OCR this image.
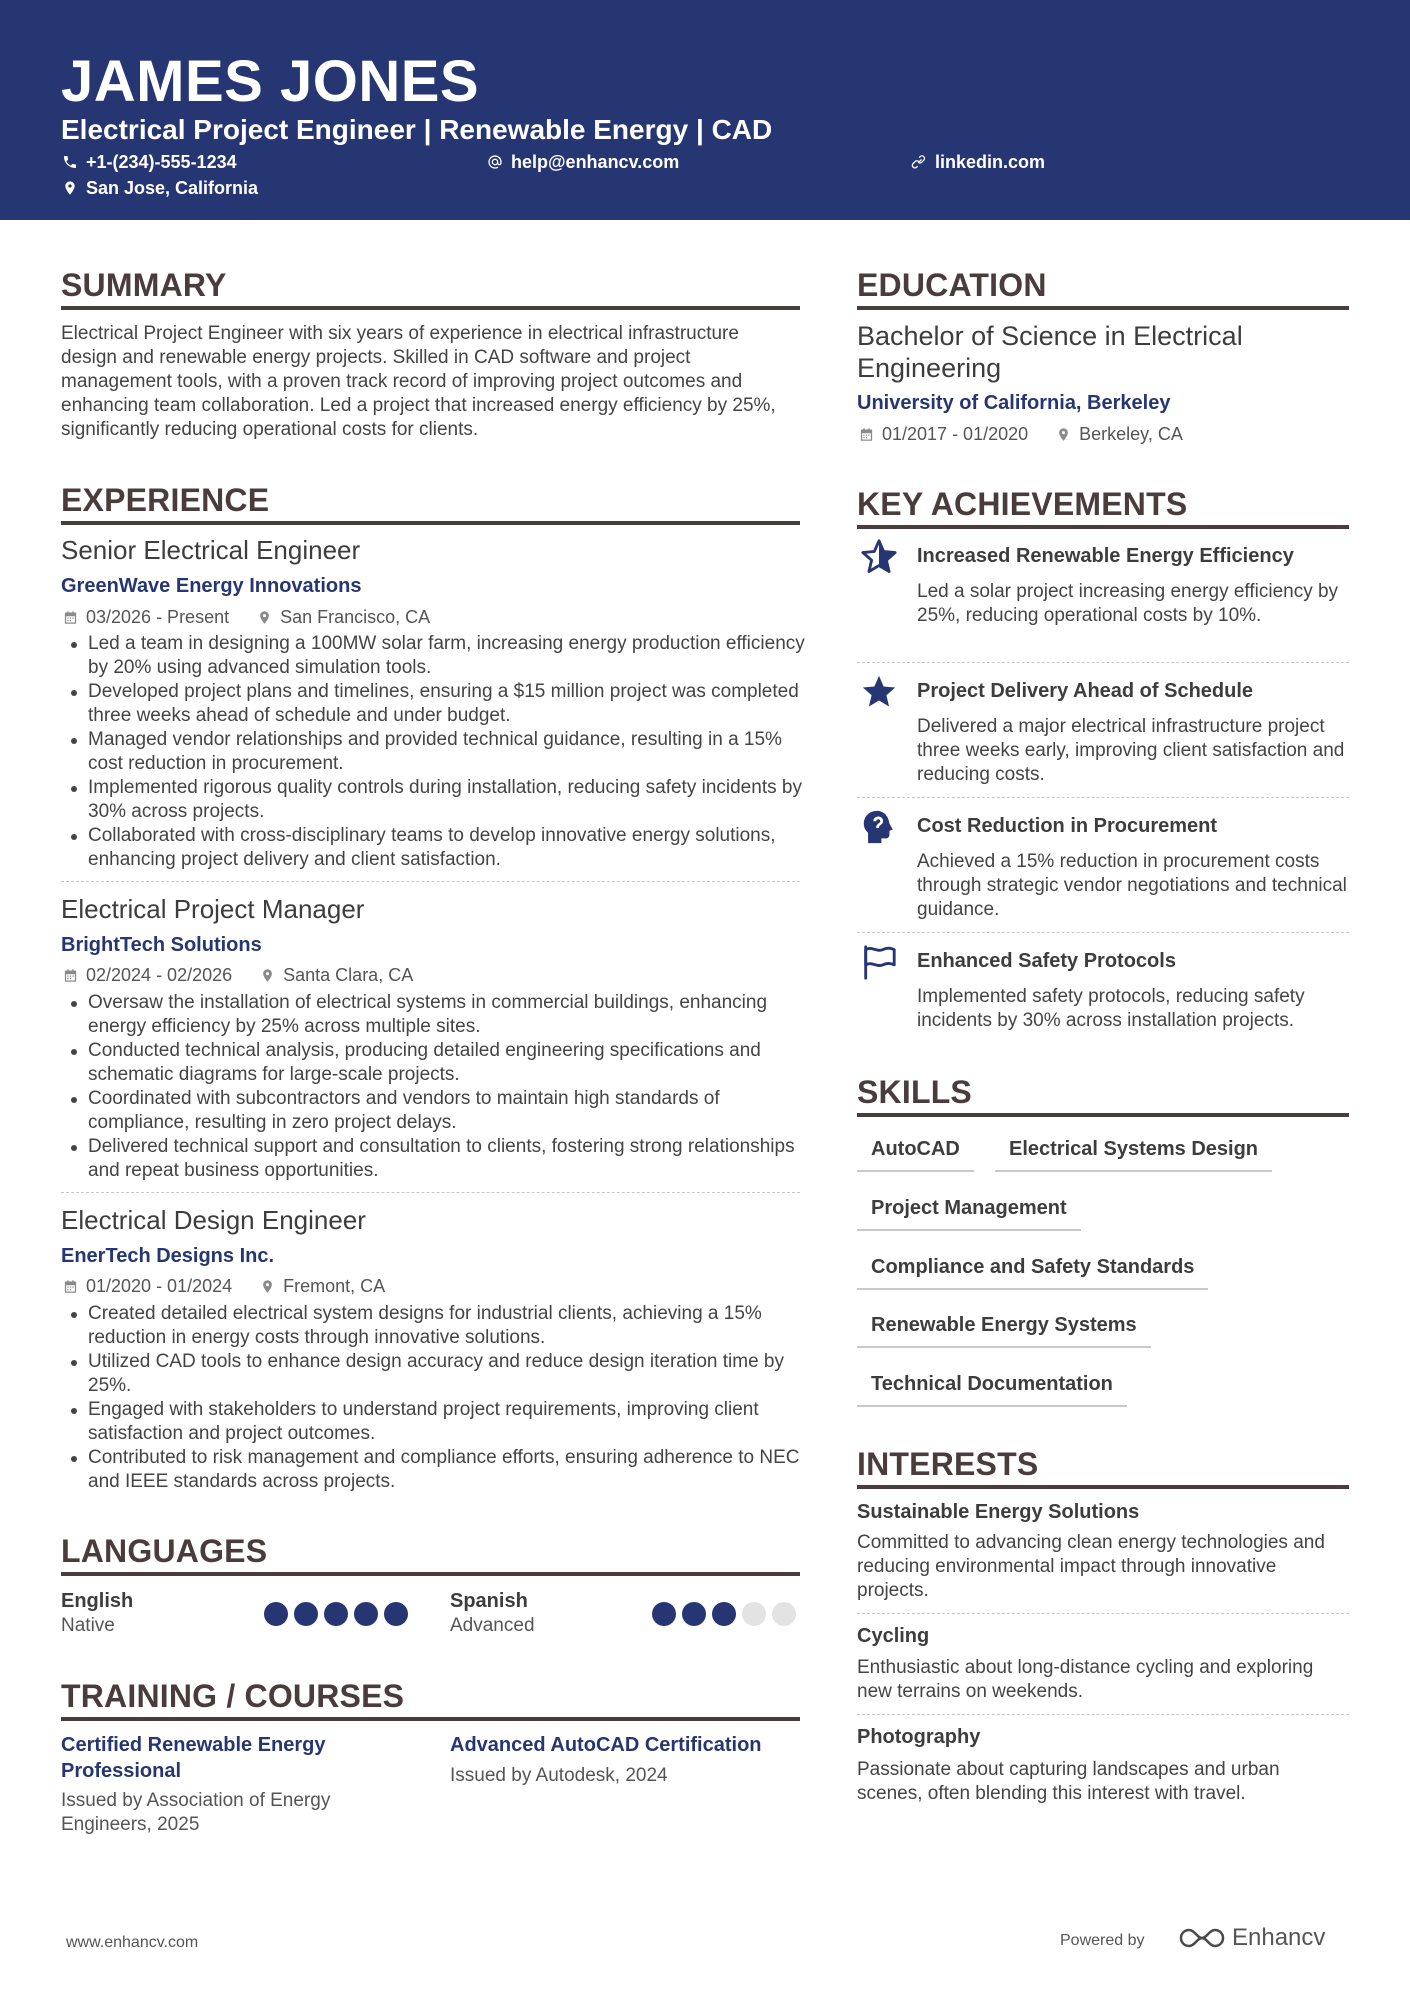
JAMES JONES
Electrical Project Engineer | Renewable Energy | CAD
+1-(234)-555-1234	help@enhancv.com	linkedin.com
San Jose, California
SUMMARY
Electrical Project Engineer with six years of experience in electrical infrastructure design and renewable energy projects. Skilled in CAD software and project management tools, with a proven track record of improving project outcomes and enhancing team collaboration. Led a project that increased energy efficiency by 25%, significantly reducing operational costs for clients.
EXPERIENCE
Senior Electrical Engineer
GreenWave Energy Innovations
03/2026 - Present	San Francisco, CA
Led a team in designing a 100MW solar farm, increasing energy production efficiency by 20% using advanced simulation tools.
Developed project plans and timelines, ensuring a $15 million project was completed three weeks ahead of schedule and under budget.
Managed vendor relationships and provided technical guidance, resulting in a 15% cost reduction in procurement.
Implemented rigorous quality controls during installation, reducing safety incidents by 30% across projects.
Collaborated with cross-disciplinary teams to develop innovative energy solutions, enhancing project delivery and client satisfaction.
Electrical Project Manager
BrightTech Solutions
02/2024 - 02/2026	Santa Clara, CA
Oversaw the installation of electrical systems in commercial buildings, enhancing energy efficiency by 25% across multiple sites.
Conducted technical analysis, producing detailed engineering specifications and schematic diagrams for large-scale projects.
Coordinated with subcontractors and vendors to maintain high standards of compliance, resulting in zero project delays.
Delivered technical support and consultation to clients, fostering strong relationships and repeat business opportunities.
Electrical Design Engineer
EnerTech Designs Inc.
01/2020 - 01/2024	Fremont, CA
Created detailed electrical system designs for industrial clients, achieving a 15% reduction in energy costs through innovative solutions.
Utilized CAD tools to enhance design accuracy and reduce design iteration time by 25%.
Engaged with stakeholders to understand project requirements, improving client satisfaction and project outcomes.
Contributed to risk management and compliance efforts, ensuring adherence to NEC and IEEE standards across projects.
LANGUAGES
English
Native
Spanish
Advanced
TRAINING / COURSES
Certified Renewable Energy Professional
Issued by Association of Energy Engineers, 2025
Advanced AutoCAD Certification
Issued by Autodesk, 2024
EDUCATION
Bachelor of Science in Electrical Engineering
University of California, Berkeley
01/2017 - 01/2020	Berkeley, CA
KEY ACHIEVEMENTS
Increased Renewable Energy Efficiency
Led a solar project increasing energy efficiency by 25%, reducing operational costs by 10%.
Project Delivery Ahead of Schedule
Delivered a major electrical infrastructure project three weeks early, improving client satisfaction and reducing costs.
Cost Reduction in Procurement
Achieved a 15% reduction in procurement costs through strategic vendor negotiations and technical guidance.
Enhanced Safety Protocols
Implemented safety protocols, reducing safety incidents by 30% across installation projects.
SKILLS
AutoCAD	Electrical Systems Design
Project Management
Compliance and Safety Standards
Renewable Energy Systems
Technical Documentation
INTERESTS
Sustainable Energy Solutions
Committed to advancing clean energy technologies and reducing environmental impact through innovative projects.
Cycling
Enthusiastic about long-distance cycling and exploring new terrains on weekends.
Photography
Passionate about capturing landscapes and urban scenes, often blending this interest with travel.
www.enhancv.com	Powered by	Enhancv
